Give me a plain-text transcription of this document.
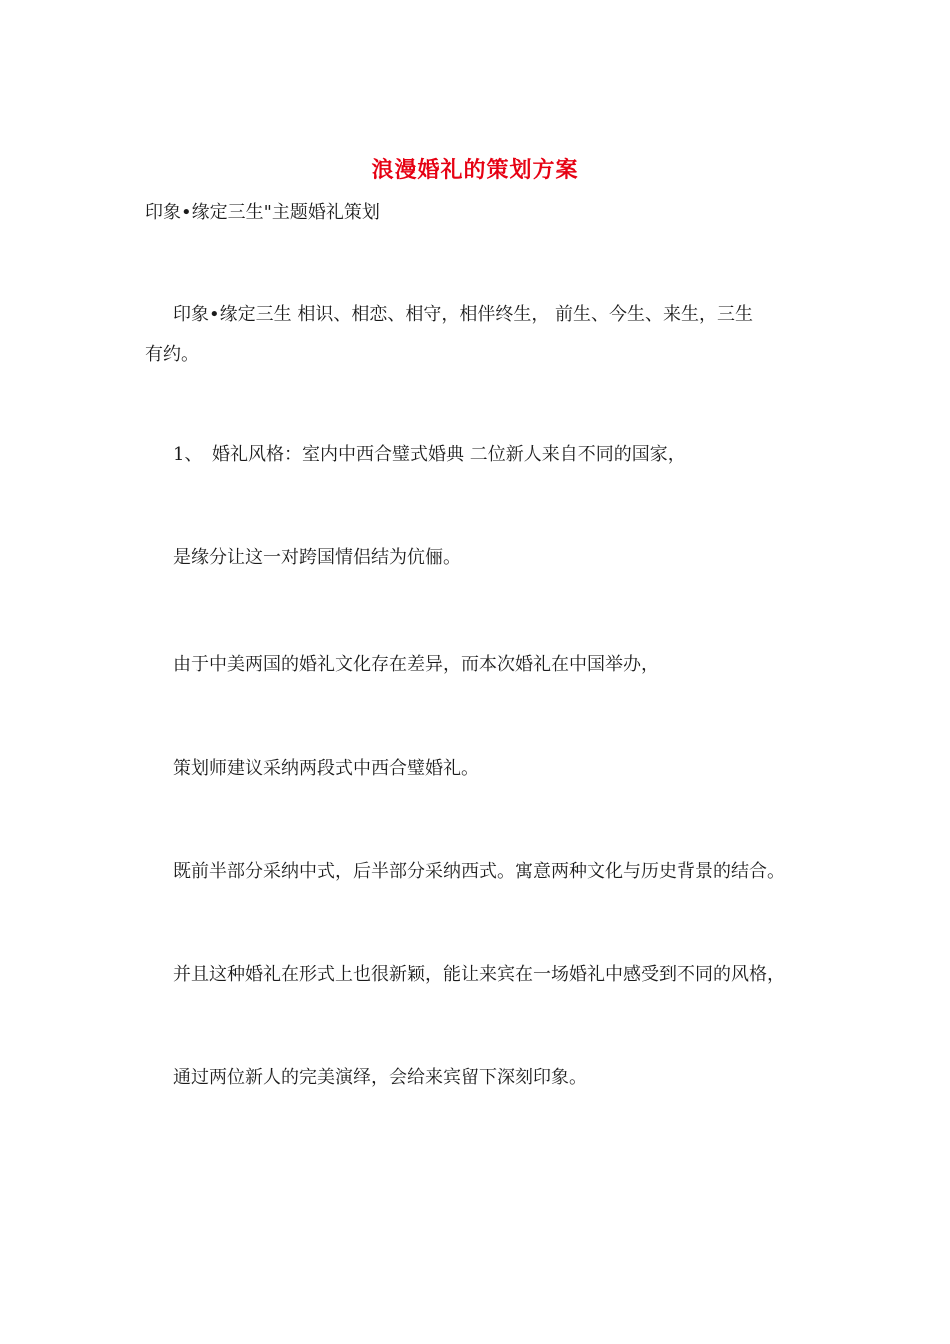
浪漫婚礼的策划方案
印象•缘定三生"主题婚礼策划
印象•缘定三生 相识、相恋、相守，相伴终生， 前生、今生、来生，三生
有约。
1、 婚礼风格：室内中西合璧式婚典 二位新人来自不同的国家，
是缘分让这一对跨国情侣结为伉俪。
由于中美两国的婚礼文化存在差异，而本次婚礼在中国举办，
策划师建议采纳两段式中西合璧婚礼。
既前半部分采纳中式，后半部分采纳西式。寓意两种文化与历史背景的结合。
并且这种婚礼在形式上也很新颖，能让来宾在一场婚礼中感受到不同的风格，
通过两位新人的完美演绎，会给来宾留下深刻印象。
